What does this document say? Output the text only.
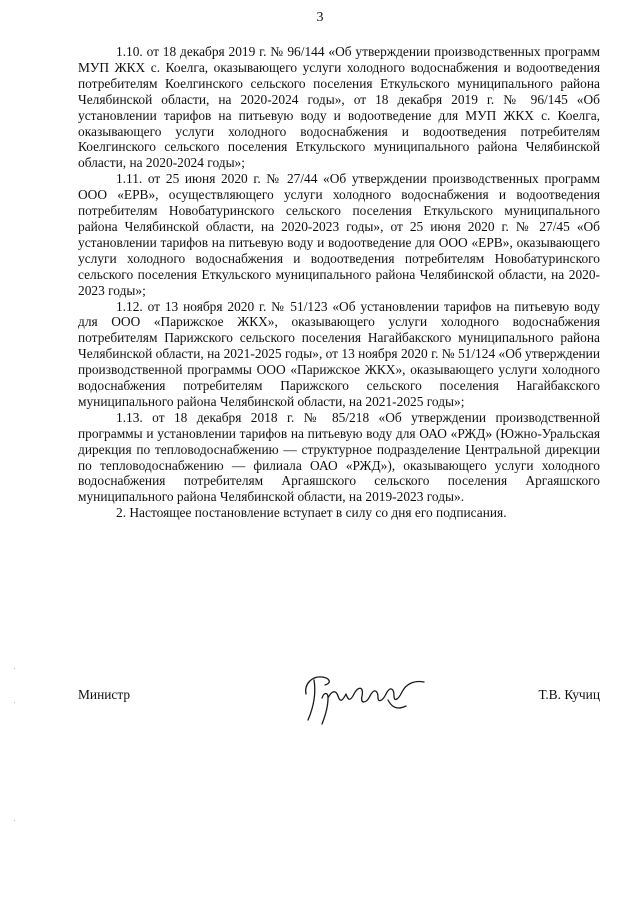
3

1.10. от 18 декабря 2019 г. № 96/144 «Об утверждении производственных программ МУП ЖКХ с. Коелга, оказывающего услуги холодного водоснабжения и водоотведения потребителям Коелгинского сельского поселения Еткульского муниципального района Челябинской области, на 2020-2024 годы», от 18 декабря 2019 г. № 96/145 «Об установлении тарифов на питьевую воду и водоотведение для МУП ЖКХ с. Коелга, оказывающего услуги холодного водоснабжения и водоотведения потребителям Коелгинского сельского поселения Еткульского муниципального района Челябинской области, на 2020-2024 годы»;

1.11. от 25 июня 2020 г. № 27/44 «Об утверждении производственных программ ООО «ЕРВ», осуществляющего услуги холодного водоснабжения и водоотведения потребителям Новобатуринского сельского поселения Еткульского муниципального района Челябинской области, на 2020-2023 годы», от 25 июня 2020 г. № 27/45 «Об установлении тарифов на питьевую воду и водоотведение для ООО «ЕРВ», оказывающего услуги холодного водоснабжения и водоотведения потребителям Новобатуринского сельского поселения Еткульского муниципального района Челябинской области, на 2020-2023 годы»;

1.12. от 13 ноября 2020 г. № 51/123 «Об установлении тарифов на питьевую воду для ООО «Парижское ЖКХ», оказывающего услуги холодного водоснабжения потребителям Парижского сельского поселения Нагайбакского муниципального района Челябинской области, на 2021-2025 годы», от 13 ноября 2020 г. № 51/124 «Об утверждении производственной программы ООО «Парижское ЖКХ», оказывающего услуги холодного водоснабжения потребителям Парижского сельского поселения Нагайбакского муниципального района Челябинской области, на 2021-2025 годы»;

1.13. от 18 декабря 2018 г. № 85/218 «Об утверждении производственной программы и установлении тарифов на питьевую воду для ОАО «РЖД» (Южно-Уральская дирекция по тепловодоснабжению — структурное подразделение Центральной дирекции по тепловодоснабжению — филиала ОАО «РЖД»), оказывающего услуги холодного водоснабжения потребителям Аргаяшского сельского поселения Аргаяшского муниципального района Челябинской области, на 2019-2023 годы».

2. Настоящее постановление вступает в силу со дня его подписания.

Министр	Т.В. Кучиц
